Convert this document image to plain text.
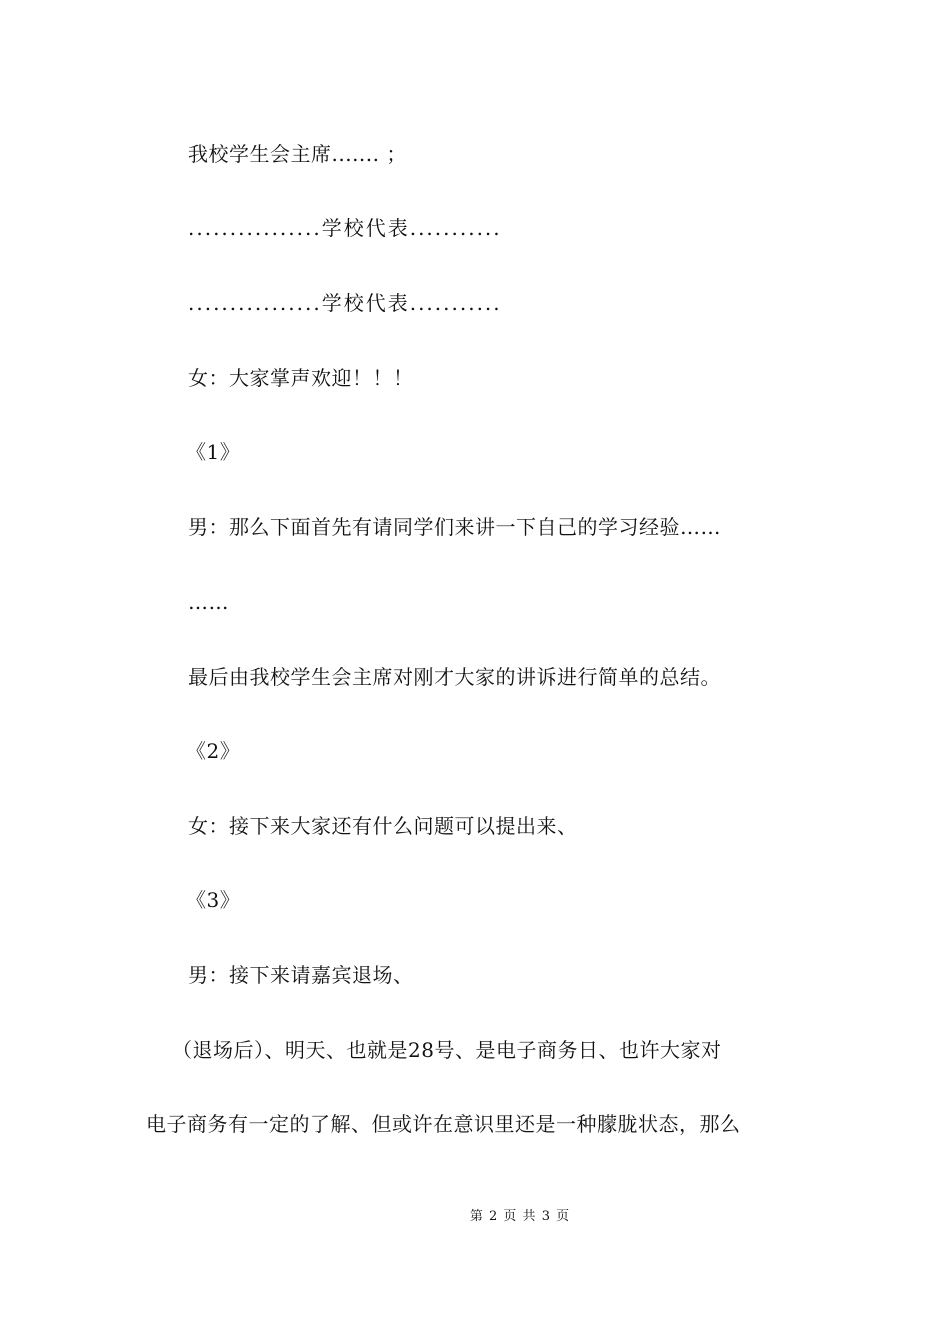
我校学生会主席....... ；
................学校代表...........
................学校代表...........
女：大家掌声欢迎！！！
《1》
男：那么下面首先有请同学们来讲一下自己的学习经验……
……
最后由我校学生会主席对刚才大家的讲诉进行简单的总结。
《2》
女：接下来大家还有什么问题可以提出来、
《3》
男：接下来请嘉宾退场、
（退场后）、明天、也就是28号、是电子商务日、也许大家对
电子商务有一定的了解、但或许在意识里还是一种朦胧状态，那么
第 2 页 共 3 页
